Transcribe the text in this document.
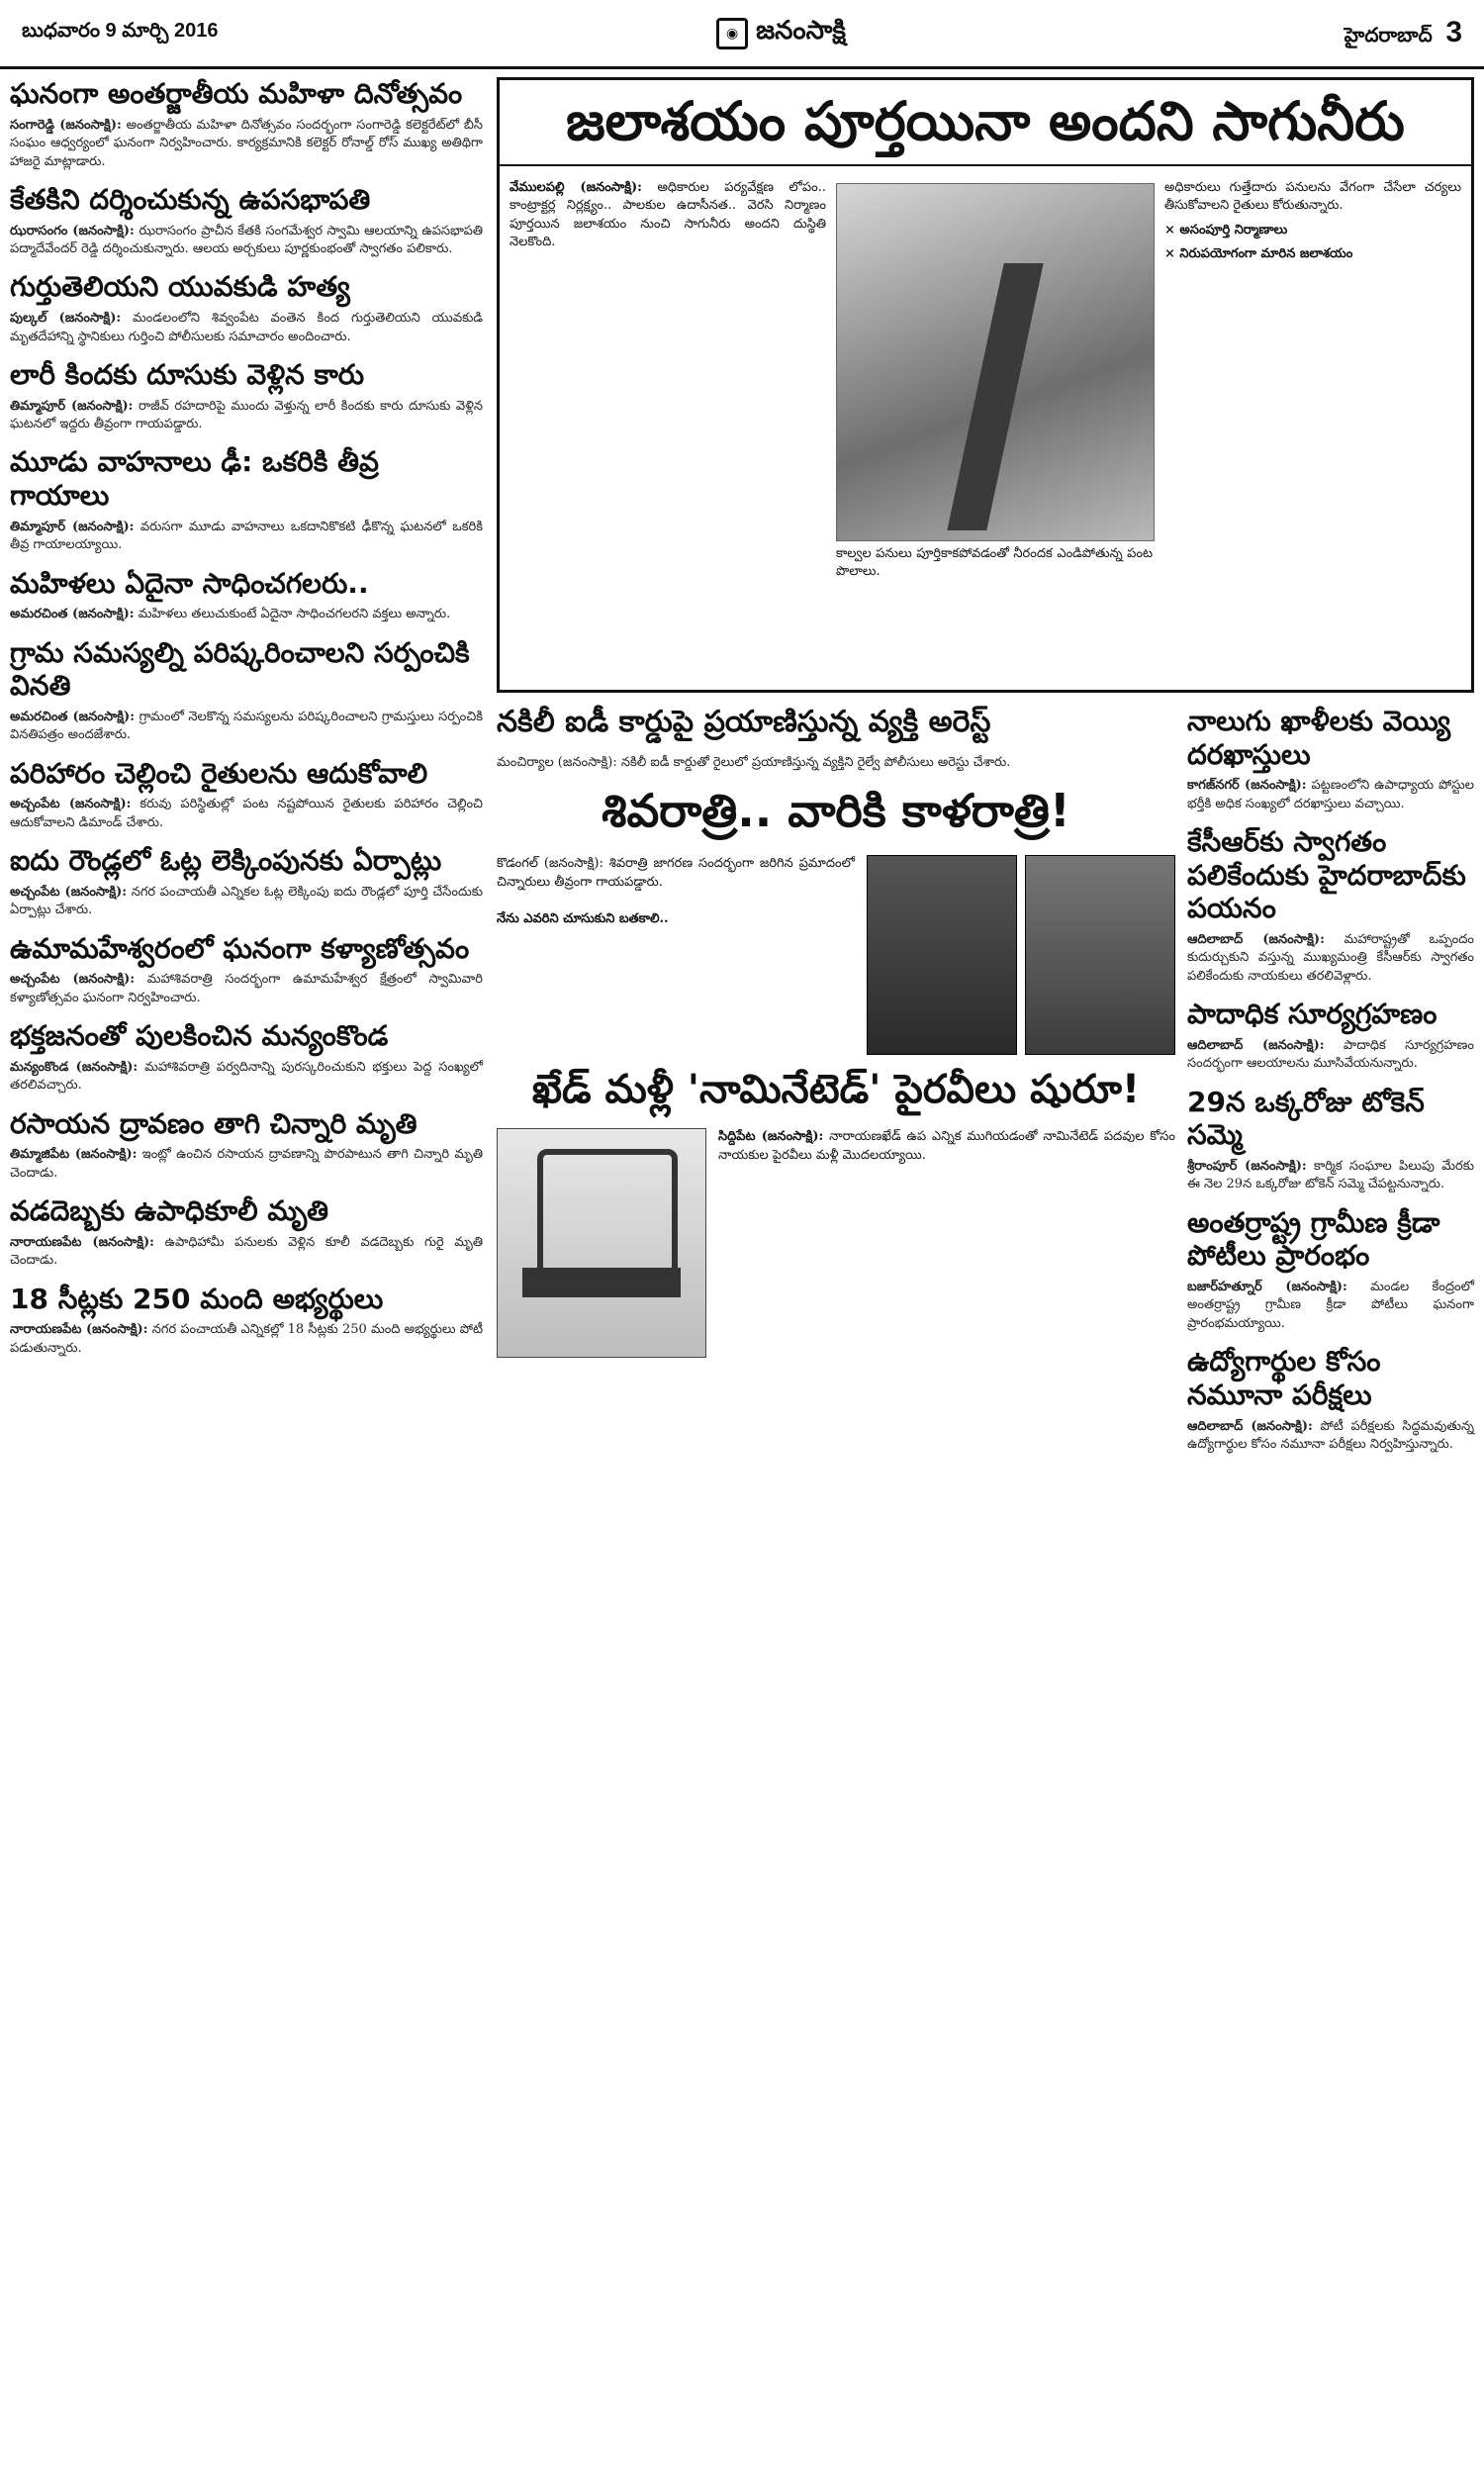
బుధవారం 9 మార్చి 2016	◉ జనంసాక్షి	హైదరాబాద్ 3
ఘనంగా అంతర్జాతీయ మహిళా దినోత్సవం

సంగారెడ్డి (జనంసాక్షి): అంతర్జాతీయ మహిళా దినోత్సవం సందర్భంగా సంగారెడ్డి కలెక్టరేట్‌లో బీసీ సంఘం ఆధ్వర్యంలో ఘనంగా నిర్వహించారు. కార్యక్రమానికి కలెక్టర్ రోనాల్డ్ రోస్ ముఖ్య అతిథిగా హాజరై మాట్లాడారు.

కేతకిని దర్శించుకున్న ఉపసభాపతి

ఝరాసంగం (జనంసాక్షి): ఝరాసంగం ప్రాచీన కేతకి సంగమేశ్వర స్వామి ఆలయాన్ని ఉపసభాపతి పద్మాదేవేందర్ రెడ్డి దర్శించుకున్నారు. ఆలయ అర్చకులు పూర్ణకుంభంతో స్వాగతం పలికారు.

గుర్తుతెలియని యువకుడి హత్య

పుల్కల్ (జనంసాక్షి): మండలంలోని శివ్వంపేట వంతెన కింద గుర్తుతెలియని యువకుడి మృతదేహాన్ని స్థానికులు గుర్తించి పోలీసులకు సమాచారం అందించారు.

లారీ కిందకు దూసుకు వెళ్లిన కారు

తిమ్మాపూర్ (జనంసాక్షి): రాజీవ్ రహదారిపై ముందు వెళ్తున్న లారీ కిందకు కారు దూసుకు వెళ్లిన ఘటనలో ఇద్దరు తీవ్రంగా గాయపడ్డారు.

మూడు వాహనాలు ఢీ: ఒకరికి తీవ్ర గాయాలు

తిమ్మాపూర్ (జనంసాక్షి): వరుసగా మూడు వాహనాలు ఒకదానికొకటి ఢీకొన్న ఘటనలో ఒకరికి తీవ్ర గాయాలయ్యాయి.

మహిళలు ఏదైనా సాధించగలరు..

అమరచింత (జనంసాక్షి): మహిళలు తలుచుకుంటే ఏదైనా సాధించగలరని వక్తలు అన్నారు.

గ్రామ సమస్యల్ని పరిష్కరించాలని సర్పంచికి వినతి

అమరచింత (జనంసాక్షి): గ్రామంలో నెలకొన్న సమస్యలను పరిష్కరించాలని గ్రామస్తులు సర్పంచికి వినతిపత్రం అందజేశారు.

పరిహారం చెల్లించి రైతులను ఆదుకోవాలి

అచ్చంపేట (జనంసాక్షి): కరువు పరిస్థితుల్లో పంట నష్టపోయిన రైతులకు పరిహారం చెల్లించి ఆదుకోవాలని డిమాండ్ చేశారు.

ఐదు రౌండ్లలో ఓట్ల లెక్కింపునకు ఏర్పాట్లు

అచ్చంపేట (జనంసాక్షి): నగర పంచాయతీ ఎన్నికల ఓట్ల లెక్కింపు ఐదు రౌండ్లలో పూర్తి చేసేందుకు ఏర్పాట్లు చేశారు.

ఉమామహేశ్వరంలో ఘనంగా కళ్యాణోత్సవం

అచ్చంపేట (జనంసాక్షి): మహాశివరాత్రి సందర్భంగా ఉమామహేశ్వర క్షేత్రంలో స్వామివారి కళ్యాణోత్సవం ఘనంగా నిర్వహించారు.

భక్తజనంతో పులకించిన మన్యంకొండ

మన్యంకొండ (జనంసాక్షి): మహాశివరాత్రి పర్వదినాన్ని పురస్కరించుకుని భక్తులు పెద్ద సంఖ్యలో తరలివచ్చారు.

రసాయన ద్రావణం తాగి చిన్నారి మృతి

తిమ్మాజిపేట (జనంసాక్షి): ఇంట్లో ఉంచిన రసాయన ద్రావణాన్ని పొరపాటున తాగి చిన్నారి మృతి చెందాడు.

వడదెబ్బకు ఉపాధికూలీ మృతి

నారాయణపేట (జనంసాక్షి): ఉపాధిహామీ పనులకు వెళ్లిన కూలీ వడదెబ్బకు గురై మృతి చెందాడు.

18 సీట్లకు 250 మంది అభ్యర్థులు

నారాయణపేట (జనంసాక్షి): నగర పంచాయతీ ఎన్నికల్లో 18 సీట్లకు 250 మంది అభ్యర్థులు పోటీ పడుతున్నారు.

జలాశయం పూర్తయినా అందని సాగునీరు
వేములపల్లి (జనంసాక్షి): అధికారుల పర్యవేక్షణ లోపం.. కాంట్రాక్టర్ల నిర్లక్ష్యం.. పాలకుల ఉదాసీనత.. వెరసి నిర్మాణం పూర్తయిన జలాశయం నుంచి సాగునీరు అందని దుస్థితి నెలకొంది.
కాల్వల పనులు పూర్తికాకపోవడంతో నీరందక ఎండిపోతున్న పంట పొలాలు.
అధికారులు గుత్తేదారు పనులను వేగంగా చేసేలా చర్యలు తీసుకోవాలని రైతులు కోరుతున్నారు.
× అసంపూర్తి నిర్మాణాలు
× నిరుపయోగంగా మారిన జలాశయం
నకిలీ ఐడీ కార్డుపై ప్రయాణిస్తున్న వ్యక్తి అరెస్ట్

మంచిర్యాల (జనంసాక్షి): నకిలీ ఐడీ కార్డుతో రైలులో ప్రయాణిస్తున్న వ్యక్తిని రైల్వే పోలీసులు అరెస్టు చేశారు.

శివరాత్రి.. వారికి కాళరాత్రి!
కొడంగల్ (జనంసాక్షి): శివరాత్రి జాగరణ సందర్భంగా జరిగిన ప్రమాదంలో చిన్నారులు తీవ్రంగా గాయపడ్డారు.

నేను ఎవరిని చూసుకుని బతకాలి..
ఖేడ్ మళ్లీ 'నామినేటెడ్' పైరవీలు షురూ!
సిద్దిపేట (జనంసాక్షి): నారాయణఖేడ్ ఉప ఎన్నిక ముగియడంతో నామినేటెడ్ పదవుల కోసం నాయకుల పైరవీలు మళ్లీ మొదలయ్యాయి.
నాలుగు ఖాళీలకు వెయ్యి దరఖాస్తులు

కాగజ్‌నగర్ (జనంసాక్షి): పట్టణంలోని ఉపాధ్యాయ పోస్టుల భర్తీకి అధిక సంఖ్యలో దరఖాస్తులు వచ్చాయి.

కేసీఆర్‌కు స్వాగతం పలికేందుకు హైదరాబాద్‌కు పయనం

ఆదిలాబాద్ (జనంసాక్షి): మహారాష్ట్రతో ఒప్పందం కుదుర్చుకుని వస్తున్న ముఖ్యమంత్రి కేసీఆర్‌కు స్వాగతం పలికేందుకు నాయకులు తరలివెళ్లారు.

పాదాధిక సూర్యగ్రహణం

ఆదిలాబాద్ (జనంసాక్షి): పాదాధిక సూర్యగ్రహణం సందర్భంగా ఆలయాలను మూసివేయనున్నారు.

29న ఒక్కరోజు టోకెన్ సమ్మె

శ్రీరాంపూర్ (జనంసాక్షి): కార్మిక సంఘాల పిలుపు మేరకు ఈ నెల 29న ఒక్కరోజు టోకెన్ సమ్మె చేపట్టనున్నారు.

అంతర్రాష్ట్ర గ్రామీణ క్రీడా పోటీలు ప్రారంభం

బజార్‌హత్నూర్ (జనంసాక్షి): మండల కేంద్రంలో అంతర్రాష్ట్ర గ్రామీణ క్రీడా పోటీలు ఘనంగా ప్రారంభమయ్యాయి.

ఉద్యోగార్థుల కోసం నమూనా పరీక్షలు

ఆదిలాబాద్ (జనంసాక్షి): పోటీ పరీక్షలకు సిద్ధమవుతున్న ఉద్యోగార్థుల కోసం నమూనా పరీక్షలు నిర్వహిస్తున్నారు.
